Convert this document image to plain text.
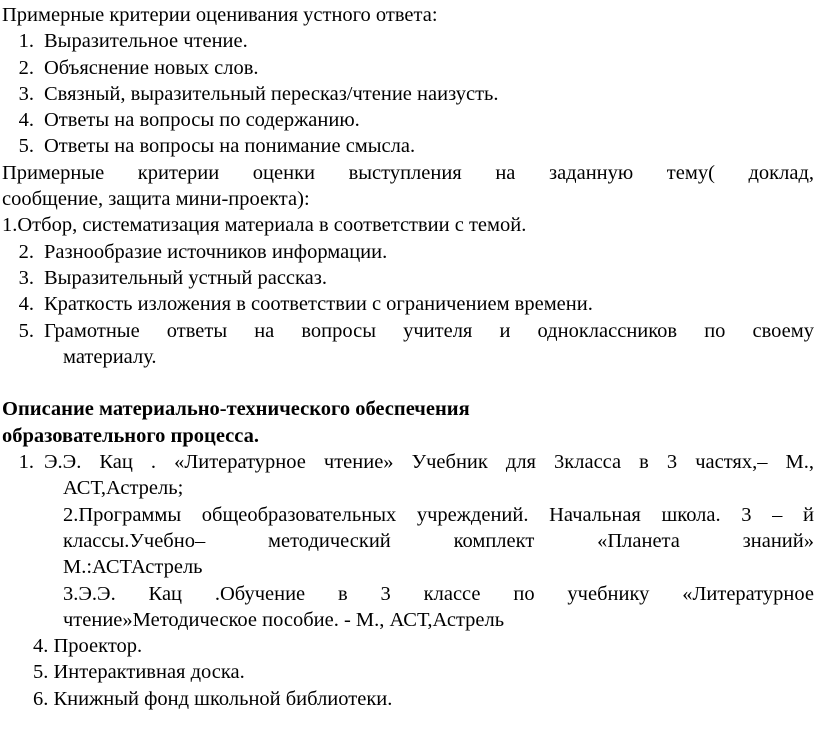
Примерные критерии оценивания устного ответа:
1. Выразительное чтение.
2. Объяснение новых слов.
3. Связный, выразительный пересказ/чтение наизусть.
4. Ответы на вопросы по содержанию.
5. Ответы на вопросы на понимание смысла.
Примерные критерии оценки выступления на заданную тему( доклад,
сообщение, защита мини-проекта):
1.Отбор, систематизация материала в соответствии с темой.
2. Разнообразие источников информации.
3. Выразительный устный рассказ.
4. Краткость изложения в соответствии с ограничением времени.
5. Грамотные ответы на вопросы учителя и одноклассников по своему
материалу.
Описание материально-технического обеспечения
образовательного процесса.
1. Э.Э. Кац . «Литературное чтение» Учебник для 3класса в 3 частях,– М.,
АСТ,Астрель;
2.Программы общеобразовательных учреждений. Начальная школа. 3 – й
классы.Учебно– методический комплект «Планета знаний»
М.:АСТАстрель
3.Э.Э. Кац .Обучение в 3 классе по учебнику «Литературное
чтение»Методическое пособие. - М., АСТ,Астрель
4. Проектор.
5. Интерактивная доска.
6. Книжный фонд школьной библиотеки.
